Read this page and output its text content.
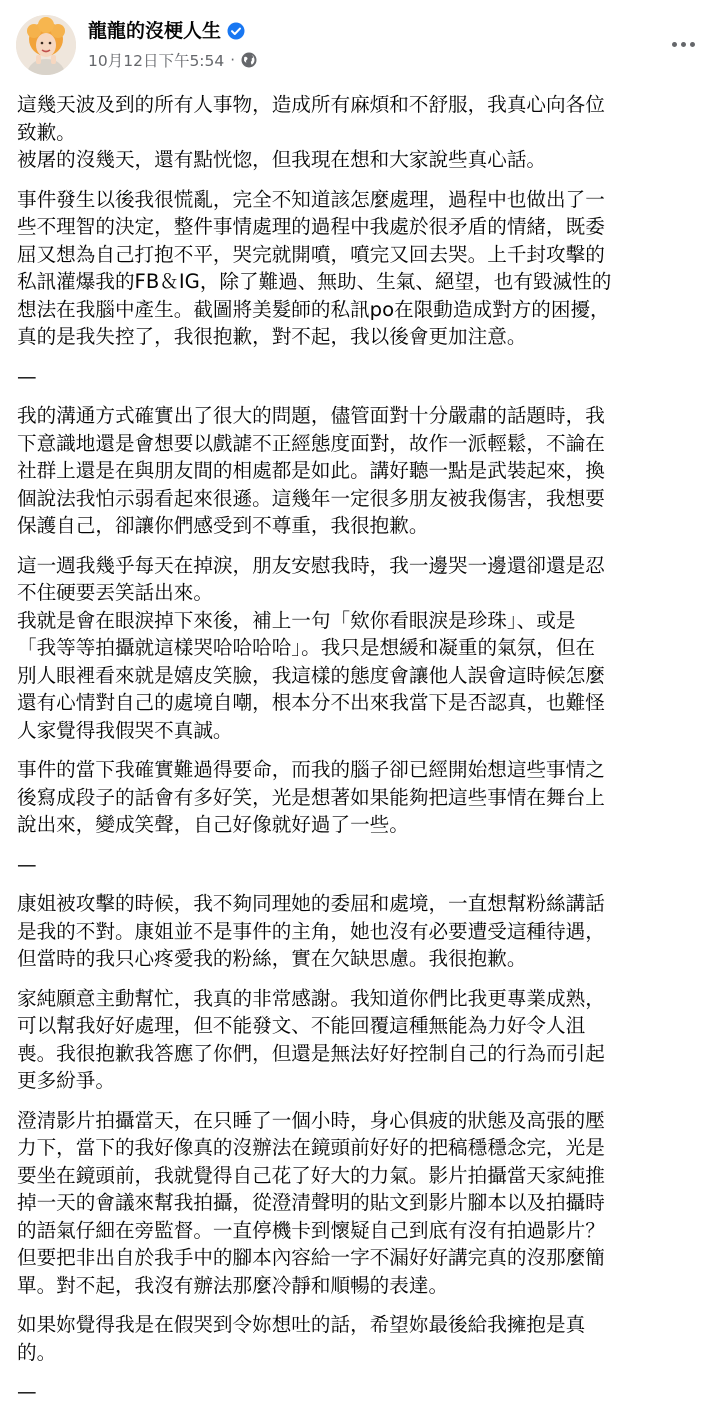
龍龍的沒梗人生
10月12日下午5:54 ·
這幾天波及到的所有人事物，造成所有麻煩和不舒服，我真心向各位
致歉。
被屠的沒幾天，還有點恍惚，但我現在想和大家說些真心話。
事件發生以後我很慌亂，完全不知道該怎麼處理，過程中也做出了一
些不理智的決定，整件事情處理的過程中我處於很矛盾的情緒，既委
屈又想為自己打抱不平，哭完就開噴，噴完又回去哭。上千封攻擊的
私訊灌爆我的FB＆IG，除了難過、無助、生氣、絕望，也有毀滅性的
想法在我腦中產生。截圖將美髮師的私訊po在限動造成對方的困擾，
真的是我失控了，我很抱歉，對不起，我以後會更加注意。
—
我的溝通方式確實出了很大的問題，儘管面對十分嚴肅的話題時，我
下意識地還是會想要以戲謔不正經態度面對，故作一派輕鬆，不論在
社群上還是在與朋友間的相處都是如此。講好聽一點是武裝起來，換
個說法我怕示弱看起來很遜。這幾年一定很多朋友被我傷害，我想要
保護自己，卻讓你們感受到不尊重，我很抱歉。
這一週我幾乎每天在掉淚，朋友安慰我時，我一邊哭一邊還卻還是忍
不住硬要丟笑話出來。
我就是會在眼淚掉下來後，補上一句「欸你看眼淚是珍珠」、或是
「我等等拍攝就這樣哭哈哈哈哈」。我只是想緩和凝重的氣氛，但在
別人眼裡看來就是嬉皮笑臉，我這樣的態度會讓他人誤會這時候怎麼
還有心情對自己的處境自嘲，根本分不出來我當下是否認真，也難怪
人家覺得我假哭不真誠。
事件的當下我確實難過得要命，而我的腦子卻已經開始想這些事情之
後寫成段子的話會有多好笑，光是想著如果能夠把這些事情在舞台上
說出來，變成笑聲，自己好像就好過了一些。
—
康姐被攻擊的時候，我不夠同理她的委屈和處境，一直想幫粉絲講話
是我的不對。康姐並不是事件的主角，她也沒有必要遭受這種待遇，
但當時的我只心疼愛我的粉絲，實在欠缺思慮。我很抱歉。
家純願意主動幫忙，我真的非常感謝。我知道你們比我更專業成熟，
可以幫我好好處理，但不能發文、不能回覆這種無能為力好令人沮
喪。我很抱歉我答應了你們，但還是無法好好控制自己的行為而引起
更多紛爭。
澄清影片拍攝當天，在只睡了一個小時，身心俱疲的狀態及高張的壓
力下，當下的我好像真的沒辦法在鏡頭前好好的把稿穩穩念完，光是
要坐在鏡頭前，我就覺得自己花了好大的力氣。影片拍攝當天家純推
掉一天的會議來幫我拍攝，從澄清聲明的貼文到影片腳本以及拍攝時
的語氣仔細在旁監督。一直停機卡到懷疑自己到底有沒有拍過影片？
但要把非出自於我手中的腳本內容給一字不漏好好講完真的沒那麼簡
單。對不起，我沒有辦法那麼冷靜和順暢的表達。
如果妳覺得我是在假哭到令妳想吐的話，希望妳最後給我擁抱是真
的。
—
